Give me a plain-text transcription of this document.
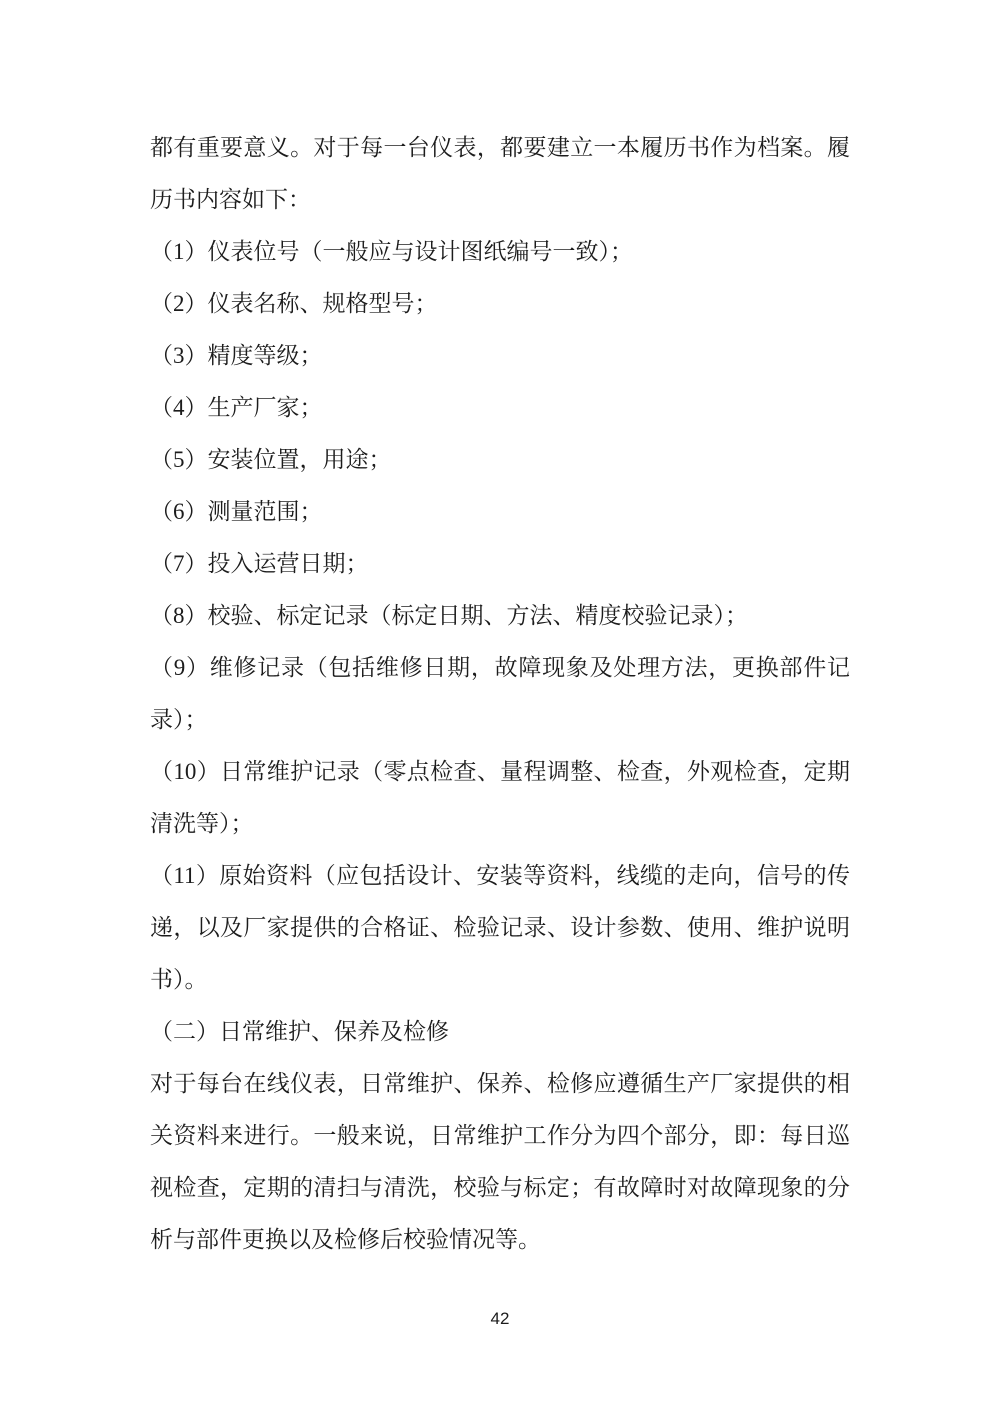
都有重要意义。对于每一台仪表，都要建立一本履历书作为档案。履
历书内容如下：
（1）仪表位号（一般应与设计图纸编号一致）；
（2）仪表名称、规格型号；
（3）精度等级；
（4）生产厂家；
（5）安装位置，用途；
（6）测量范围；
（7）投入运营日期；
（8）校验、标定记录（标定日期、方法、精度校验记录）；
（9）维修记录（包括维修日期，故障现象及处理方法，更换部件记
录）；
（10）日常维护记录（零点检查、量程调整、检查，外观检查，定期
清洗等）；
（11）原始资料（应包括设计、安装等资料，线缆的走向，信号的传
递，以及厂家提供的合格证、检验记录、设计参数、使用、维护说明
书）。
（二）日常维护、保养及检修
对于每台在线仪表，日常维护、保养、检修应遵循生产厂家提供的相
关资料来进行。一般来说，日常维护工作分为四个部分，即：每日巡
视检查，定期的清扫与清洗，校验与标定；有故障时对故障现象的分
析与部件更换以及检修后校验情况等。
42
